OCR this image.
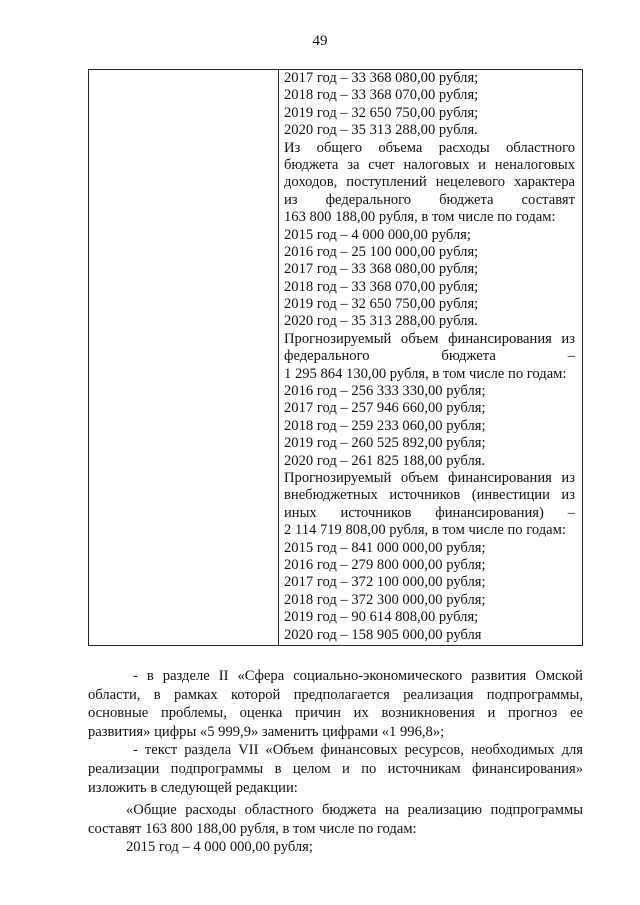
49

2017 год – 33 368 080,00 рубля;
2018 год – 33 368 070,00 рубля;
2019 год – 32 650 750,00 рубля;
2020 год – 35 313 288,00 рубля.
Из общего объема расходы областного
бюджета за счет налоговых и неналоговых
доходов, поступлений нецелевого характера
из федерального бюджета составят
163 800 188,00 рубля, в том числе по годам:
2015 год – 4 000 000,00 рубля;
2016 год – 25 100 000,00 рубля;
2017 год – 33 368 080,00 рубля;
2018 год – 33 368 070,00 рубля;
2019 год – 32 650 750,00 рубля;
2020 год – 35 313 288,00 рубля.
Прогнозируемый объем финансирования из
федерального бюджета –
1 295 864 130,00 рубля, в том числе по годам:
2016 год – 256 333 330,00 рубля;
2017 год – 257 946 660,00 рубля;
2018 год – 259 233 060,00 рубля;
2019 год – 260 525 892,00 рубля;
2020 год – 261 825 188,00 рубля.
Прогнозируемый объем финансирования из
внебюджетных источников (инвестиции из
иных источников финансирования) –
2 114 719 808,00 рубля, в том числе по годам:
2015 год – 841 000 000,00 рубля;
2016 год – 279 800 000,00 рубля;
2017 год – 372 100 000,00 рубля;
2018 год – 372 300 000,00 рубля;
2019 год – 90 614 808,00 рубля;
2020 год – 158 905 000,00 рубля
- в разделе II «Сфера социально-экономического развития Омской
области, в рамках которой предполагается реализация подпрограммы,
основные проблемы, оценка причин их возникновения и прогноз ее
развития» цифры «5 999,9» заменить цифрами «1 996,8»;
- текст раздела VII «Объем финансовых ресурсов, необходимых для
реализации подпрограммы в целом и по источникам финансирования»
изложить в следующей редакции:
«Общие расходы областного бюджета на реализацию подпрограммы
составят 163 800 188,00 рубля, в том числе по годам:
2015 год – 4 000 000,00 рубля;
